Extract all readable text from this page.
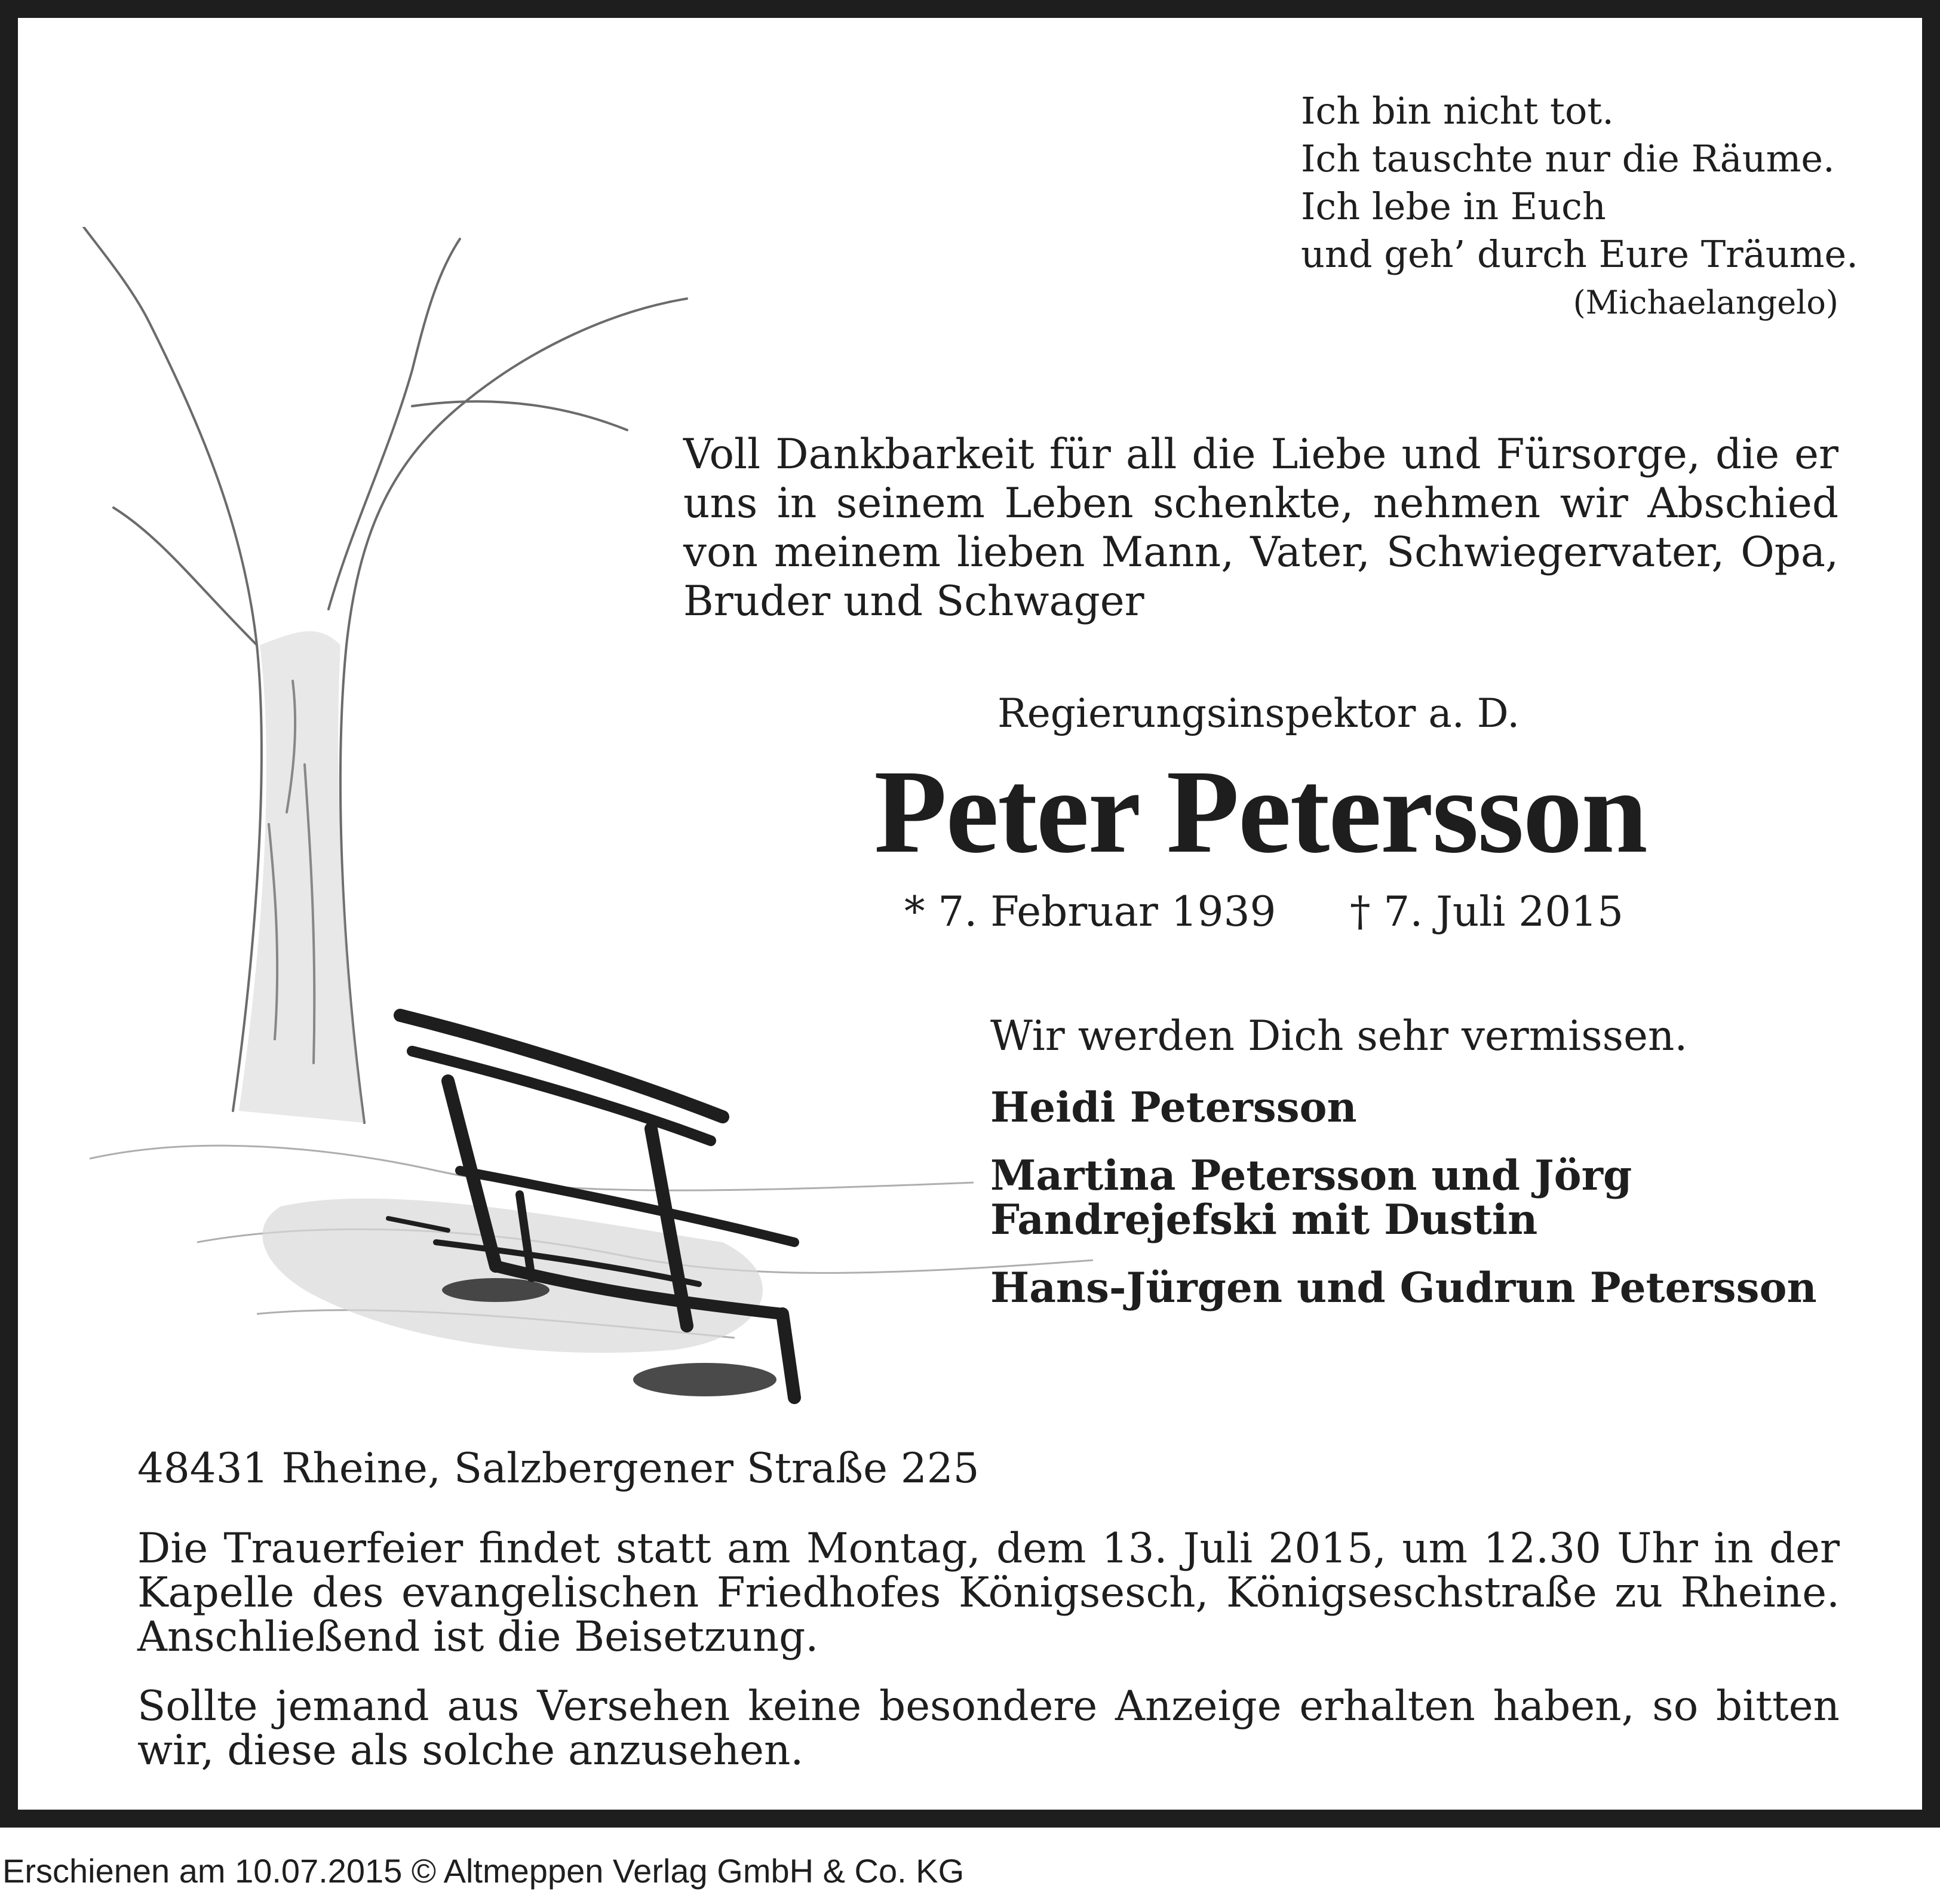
Ich bin nicht tot.
Ich tauschte nur die Räume.
Ich lebe in Euch
und geh’ durch Eure Träume.
(Michaelangelo)
Voll Dankbarkeit für all die Liebe und Fürsorge, die er uns in seinem Leben schenkte, nehmen wir Abschied von meinem lieben Mann, Vater, Schwiegervater, Opa, Bruder und Schwager
Regierungsinspektor a. D.
Peter Petersson
* 7. Februar 1939 † 7. Juli 2015
Wir werden Dich sehr vermissen.
Heidi Petersson
Martina Petersson und Jörg Fandrejefski mit Dustin
Hans-Jürgen und Gudrun Petersson
48431 Rheine, Salzbergener Straße 225
Die Trauerfeier findet statt am Montag, dem 13. Juli 2015, um 12.30 Uhr in der Kapelle des evangelischen Friedhofes Königsesch, Königseschstraße zu Rheine. Anschließend ist die Beisetzung.
Sollte jemand aus Versehen keine besondere Anzeige erhalten haben, so bitten wir, diese als solche anzusehen.
Erschienen am 10.07.2015 © Altmeppen Verlag GmbH & Co. KG
